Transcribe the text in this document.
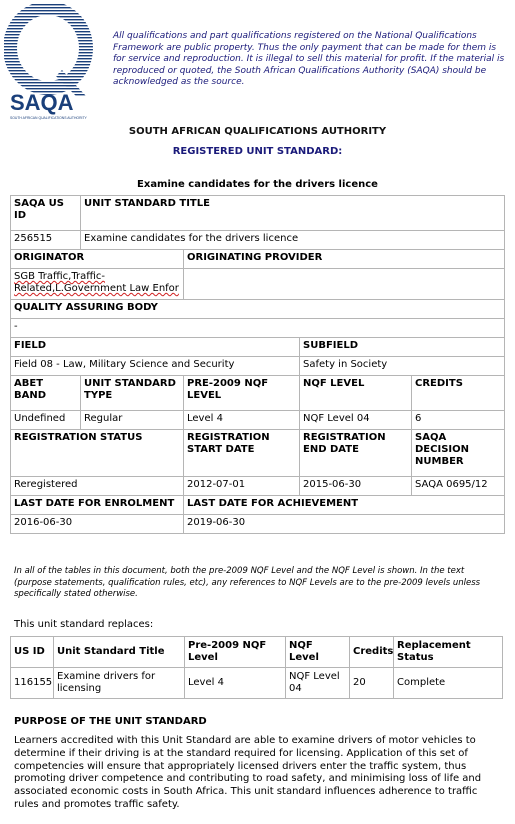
SAQA
SOUTH AFRICAN QUALIFICATIONS AUTHORITY
All qualifications and part qualifications registered on the National Qualifications Framework are public property. Thus the only payment that can be made for them is for service and reproduction. It is illegal to sell this material for profit. If the material is reproduced or quoted, the South African Qualifications Authority (SAQA) should be acknowledged as the source.
SOUTH AFRICAN QUALIFICATIONS AUTHORITY
REGISTERED UNIT STANDARD:
Examine candidates for the drivers licence
SAQA US ID	UNIT STANDARD TITLE			
256515	Examine candidates for the drivers licence			
ORIGINATOR		ORIGINATING PROVIDER		

SGB Traffic,Traffic-
Related,L.Government Law Enfor				

QUALITY ASSURING BODY				
-				
FIELD			SUBFIELD	
Field 08 - Law, Military Science and Security			Safety in Society	
ABET BAND	UNIT STANDARD TYPE	PRE-2009 NQF LEVEL	NQF LEVEL	CREDITS
Undefined	Regular	Level 4	NQF Level 04	6
REGISTRATION STATUS		REGISTRATION START DATE	REGISTRATION END DATE	SAQA DECISION NUMBER
Reregistered		2012-07-01	2015-06-30	SAQA 0695/12
LAST DATE FOR ENROLMENT		LAST DATE FOR ACHIEVEMENT		
2016-06-30		2019-06-30		
In all of the tables in this document, both the pre-2009 NQF Level and the NQF Level is shown. In the text (purpose statements, qualification rules, etc), any references to NQF Levels are to the pre-2009 levels unless specifically stated otherwise.
This unit standard replaces:
US ID	Unit Standard Title	Pre-2009 NQF Level	NQF Level	Credits	Replacement Status
116155	Examine drivers for licensing	Level 4	NQF Level 04	20	Complete
PURPOSE OF THE UNIT STANDARD
Learners accredited with this Unit Standard are able to examine drivers of motor vehicles to determine if their driving is at the standard required for licensing. Application of this set of competencies will ensure that appropriately licensed drivers enter the traffic system, thus promoting driver competence and contributing to road safety, and minimising loss of life and associated economic costs in South Africa. This unit standard influences adherence to traffic rules and promotes traffic safety.
